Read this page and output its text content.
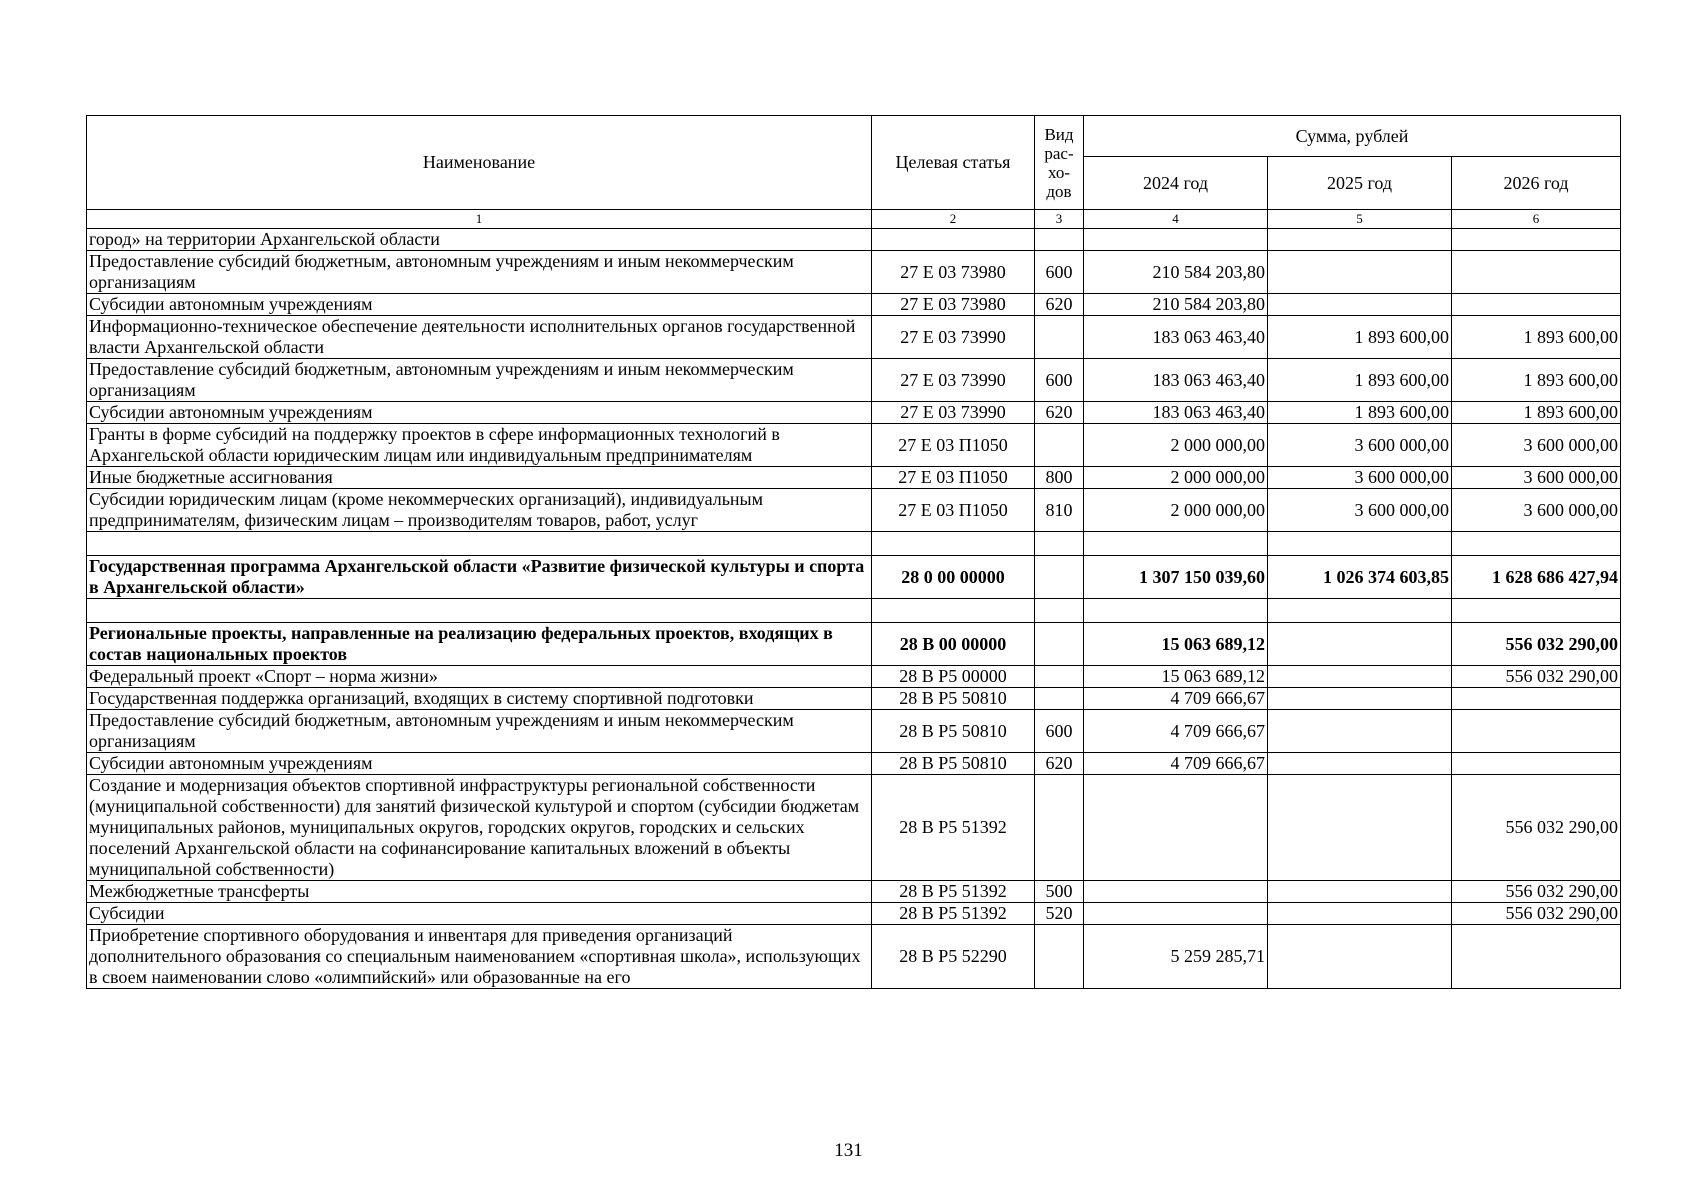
Наименование	Целевая статья	Вид рас-хо-дов	Сумма, рублей		
			2024 год	2025 год	2026 год
1	2	3	4	5	6
город» на территории Архангельской области					
Предоставление субсидий бюджетным, автономным учреждениям и иным некоммерческим организациям	27 Е 03 73980	600	210 584 203,80		
Субсидии автономным учреждениям	27 Е 03 73980	620	210 584 203,80		
Информационно-техническое обеспечение деятельности исполнительных органов государственной власти Архангельской области	27 Е 03 73990		183 063 463,40	1 893 600,00	1 893 600,00
Предоставление субсидий бюджетным, автономным учреждениям и иным некоммерческим организациям	27 Е 03 73990	600	183 063 463,40	1 893 600,00	1 893 600,00
Субсидии автономным учреждениям	27 Е 03 73990	620	183 063 463,40	1 893 600,00	1 893 600,00
Гранты в форме субсидий на поддержку проектов в сфере информационных технологий в Архангельской области юридическим лицам или индивидуальным предпринимателям	27 Е 03 П1050		2 000 000,00	3 600 000,00	3 600 000,00
Иные бюджетные ассигнования	27 Е 03 П1050	800	2 000 000,00	3 600 000,00	3 600 000,00
Субсидии юридическим лицам (кроме некоммерческих организаций), индивидуальным предпринимателям, физическим лицам – производителям товаров, работ, услуг	27 Е 03 П1050	810	2 000 000,00	3 600 000,00	3 600 000,00

Государственная программа Архангельской области «Развитие физической культуры и спорта в Архангельской области»	28 0 00 00000		1 307 150 039,60	1 026 374 603,85	1 628 686 427,94

Региональные проекты, направленные на реализацию федеральных проектов, входящих в состав национальных проектов	28 В 00 00000		15 063 689,12		556 032 290,00
Федеральный проект «Спорт – норма жизни»	28 В Р5 00000		15 063 689,12		556 032 290,00
Государственная поддержка организаций, входящих в систему спортивной подготовки	28 В Р5 50810		4 709 666,67		
Предоставление субсидий бюджетным, автономным учреждениям и иным некоммерческим организациям	28 В Р5 50810	600	4 709 666,67		
Субсидии автономным учреждениям	28 В Р5 50810	620	4 709 666,67		
Создание и модернизация объектов спортивной инфраструктуры региональной собственности (муниципальной собственности) для занятий физической культурой и спортом (субсидии бюджетам муниципальных районов, муниципальных округов, городских округов, городских и сельских поселений Архангельской области на софинансирование капитальных вложений в объекты муниципальной собственности)	28 В Р5 51392				556 032 290,00
Межбюджетные трансферты	28 В Р5 51392	500			556 032 290,00
Субсидии	28 В Р5 51392	520			556 032 290,00
Приобретение спортивного оборудования и инвентаря для приведения организаций дополнительного образования со специальным наименованием «спортивная школа», использующих в своем наименовании слово «олимпийский» или образованные на его	28 В Р5 52290		5 259 285,71		
131
